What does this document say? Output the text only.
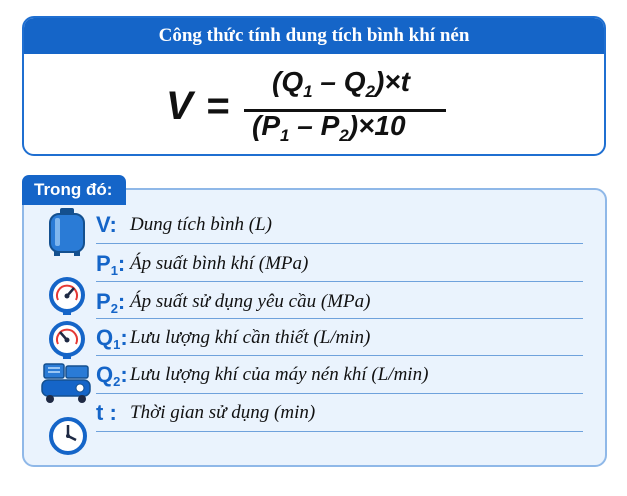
Công thức tính dung tích bình khí nén
V =
$(Q_1 - Q_2)\times t$
$(P_1 - P_2)\times 10$
Trong đó:
V: Dung tích bình (L)
$P_1$: Áp suất bình khí (MPa)
$P_2$: Áp suất sử dụng yêu cầu (MPa)
$Q_1$: Lưu lượng khí cần thiết (L/min)
$Q_2$: Lưu lượng khí của máy nén khí (L/min)
t : Thời gian sử dụng (min)
